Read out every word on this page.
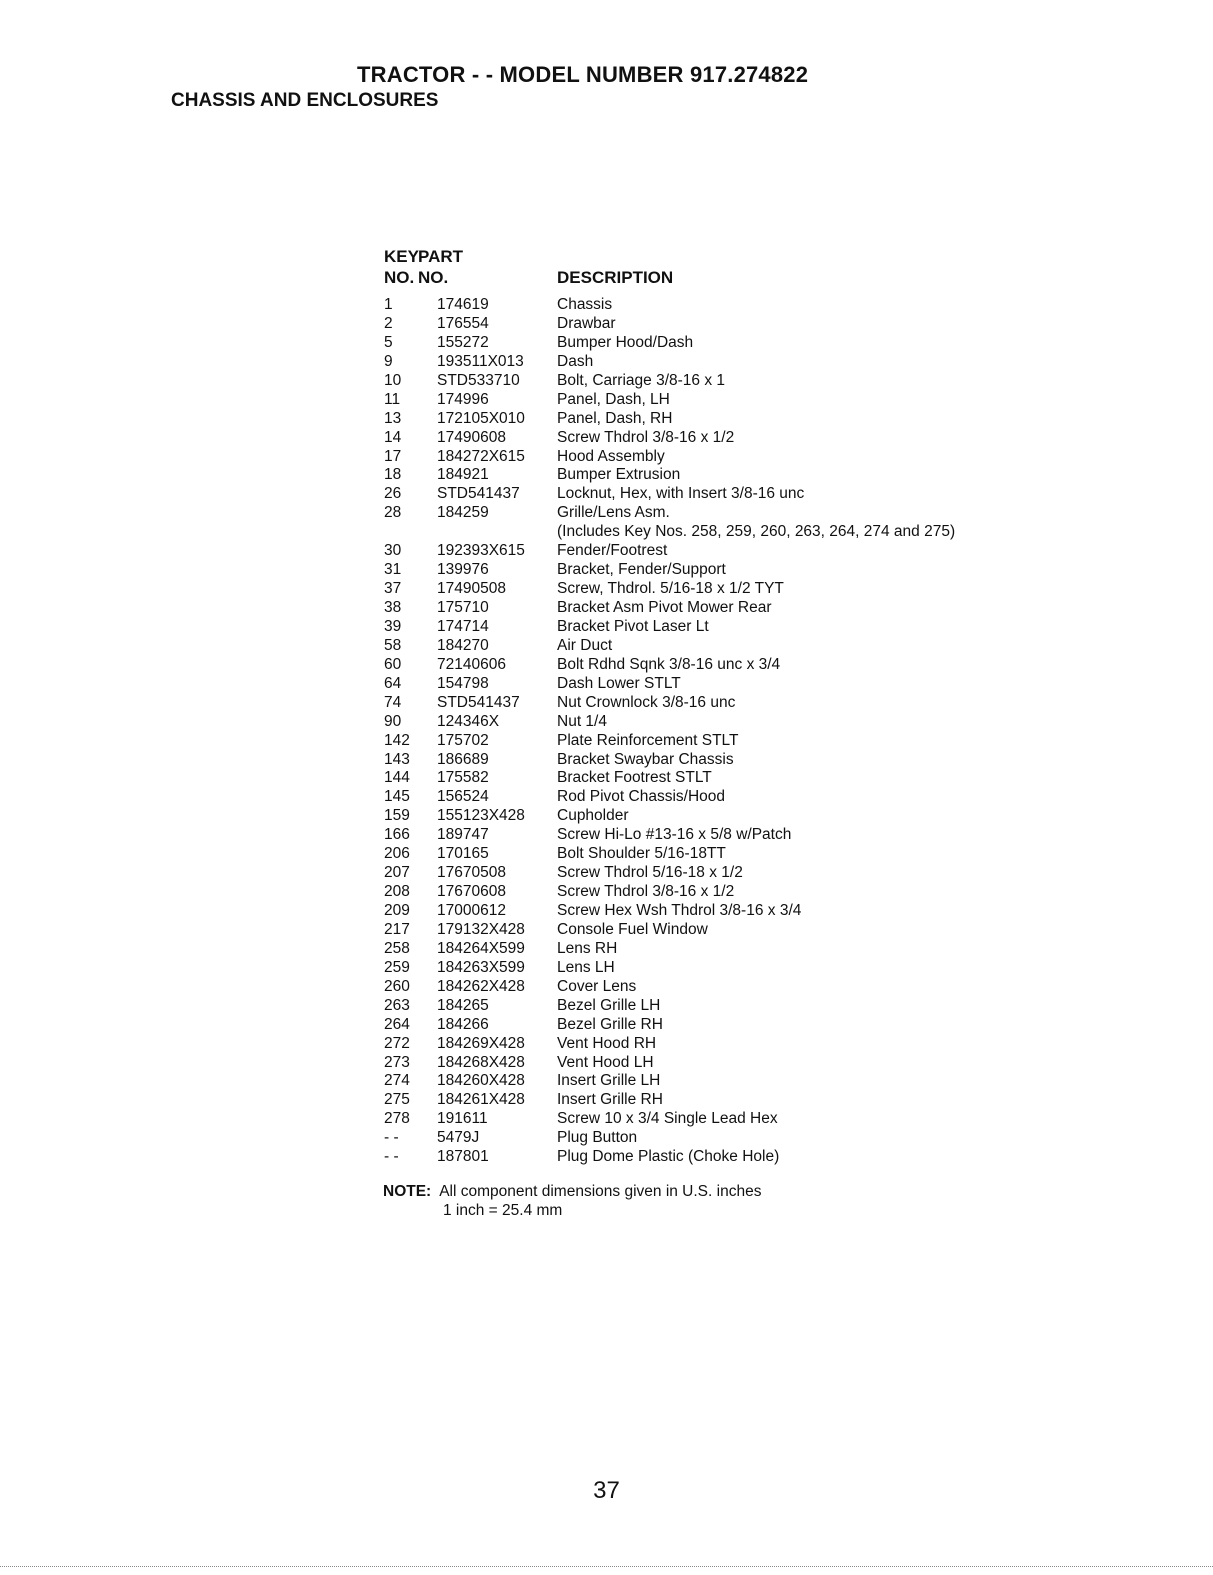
TRACTOR - - MODEL NUMBER 917.274822
CHASSIS AND ENCLOSURES
KEY PART
NO. NO.	DESCRIPTION
1	174619	Chassis
2	176554	Drawbar
5	155272	Bumper Hood/Dash
9	193511X013 Dash
10 STD533710 Bolt, Carriage 3/8-16 x 1
11 174996	Panel, Dash, LH
13 172105X010 Panel, Dash, RH
14 17490608	Screw Thdrol 3/8-16 x 1/2
17 184272X615 Hood Assembly
18 184921	Bumper Extrusion
26 STD541437 Locknut, Hex, with Insert 3/8-16 unc
28 184259	Grille/Lens Asm.
(Includes Key Nos. 258, 259, 260, 263, 264, 274 and 275)
30 192393X615 Fender/Footrest
31 139976	Bracket, Fender/Support
37 17490508	Screw, Thdrol. 5/16-18 x 1/2 TYT
38 175710	Bracket Asm Pivot Mower Rear
39 174714	Bracket Pivot Laser Lt
58 184270	Air Duct
60 72140606	Bolt Rdhd Sqnk 3/8-16 unc x 3/4
64 154798	Dash Lower STLT
74 STD541437 Nut Crownlock 3/8-16 unc
90 124346X	Nut 1/4
142 175702	Plate Reinforcement STLT
143 186689	Bracket Swaybar Chassis
144 175582	Bracket Footrest STLT
145 156524	Rod Pivot Chassis/Hood
159 155123X428 Cupholder
166 189747	Screw Hi-Lo #13-16 x 5/8 w/Patch
206 170165	Bolt Shoulder 5/16-18TT
207 17670508	Screw Thdrol 5/16-18 x 1/2
208 17670608	Screw Thdrol 3/8-16 x 1/2
209 17000612	Screw Hex Wsh Thdrol 3/8-16 x 3/4
217 179132X428 Console Fuel Window
258 184264X599 Lens RH
259 184263X599 Lens LH
260 184262X428 Cover Lens
263 184265	Bezel Grille LH
264 184266	Bezel Grille RH
272 184269X428 Vent Hood RH
273 184268X428 Vent Hood LH
274 184260X428 Insert Grille LH
275 184261X428 Insert Grille RH
278 191611	Screw 10 x 3/4 Single Lead Hex
- - 5479J	Plug Button
- - 187801	Plug Dome Plastic (Choke Hole)
NOTE: All component dimensions given in U.S. inches
1 inch = 25.4 mm
37
